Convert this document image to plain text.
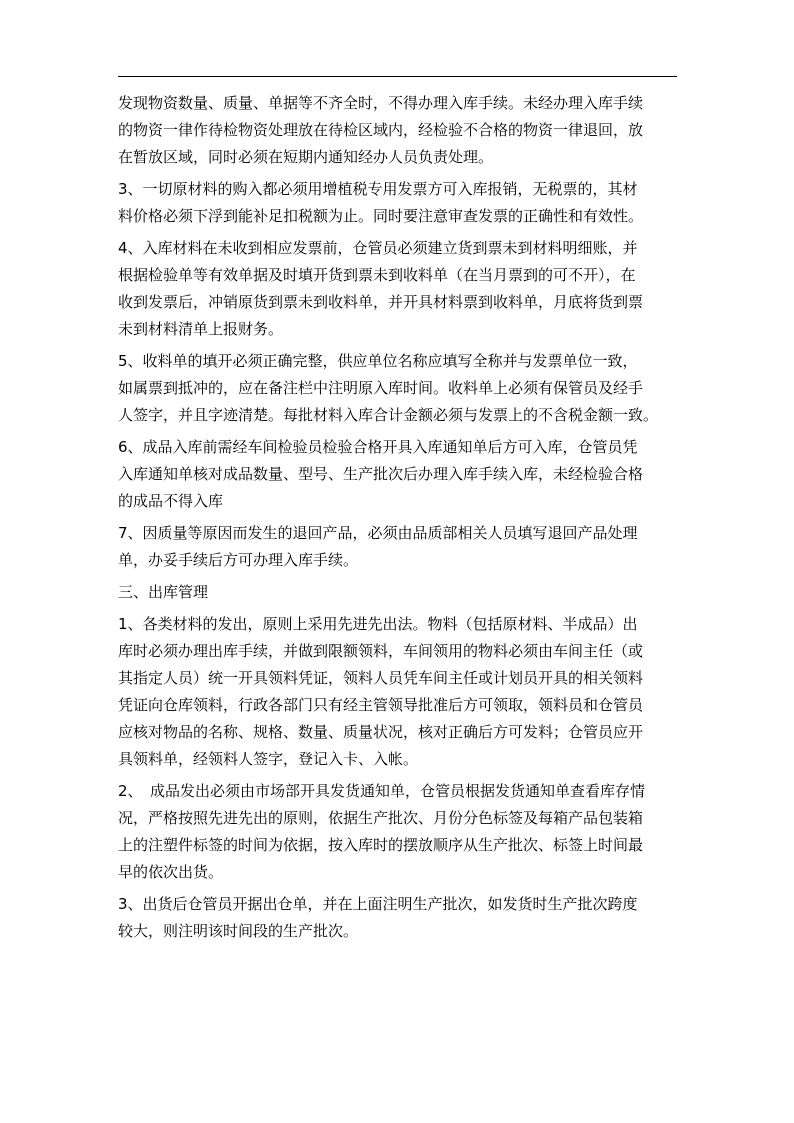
发现物资数量、质量、单据等不齐全时，不得办理入库手续。未经办理入库手续
的物资一律作待检物资处理放在待检区域内，经检验不合格的物资一律退回，放
在暂放区域，同时必须在短期内通知经办人员负责处理。

3、一切原材料的购入都必须用增植税专用发票方可入库报销，无税票的，其材
料价格必须下浮到能补足扣税额为止。同时要注意审查发票的正确性和有效性。

4、入库材料在未收到相应发票前，仓管员必须建立货到票未到材料明细账，并
根据检验单等有效单据及时填开货到票未到收料单（在当月票到的可不开），在
收到发票后，冲销原货到票未到收料单，并开具材料票到收料单，月底将货到票
未到材料清单上报财务。

5、收料单的填开必须正确完整，供应单位名称应填写全称并与发票单位一致，
如属票到抵冲的，应在备注栏中注明原入库时间。收料单上必须有保管员及经手
人签字，并且字迹清楚。每批材料入库合计金额必须与发票上的不含税金额一致。

6、成品入库前需经车间检验员检验合格开具入库通知单后方可入库，仓管员凭
入库通知单核对成品数量、型号、生产批次后办理入库手续入库，未经检验合格
的成品不得入库

7、因质量等原因而发生的退回产品，必须由品质部相关人员填写退回产品处理
单，办妥手续后方可办理入库手续。

三、出库管理

1、各类材料的发出，原则上采用先进先出法。物料（包括原材料、半成品）出
库时必须办理出库手续，并做到限额领料，车间领用的物料必须由车间主任（或
其指定人员）统一开具领料凭证，领料人员凭车间主任或计划员开具的相关领料
凭证向仓库领料，行政各部门只有经主管领导批准后方可领取，领料员和仓管员
应核对物品的名称、规格、数量、质量状况，核对正确后方可发料；仓管员应开
具领料单，经领料人签字，登记入卡、入帐。

2、　成品发出必须由市场部开具发货通知单，仓管员根据发货通知单查看库存情
况，严格按照先进先出的原则，依据生产批次、月份分色标签及每箱产品包装箱
上的注塑件标签的时间为依据，按入库时的摆放顺序从生产批次、标签上时间最
早的依次出货。

3、出货后仓管员开据出仓单，并在上面注明生产批次，如发货时生产批次跨度
较大，则注明该时间段的生产批次。
